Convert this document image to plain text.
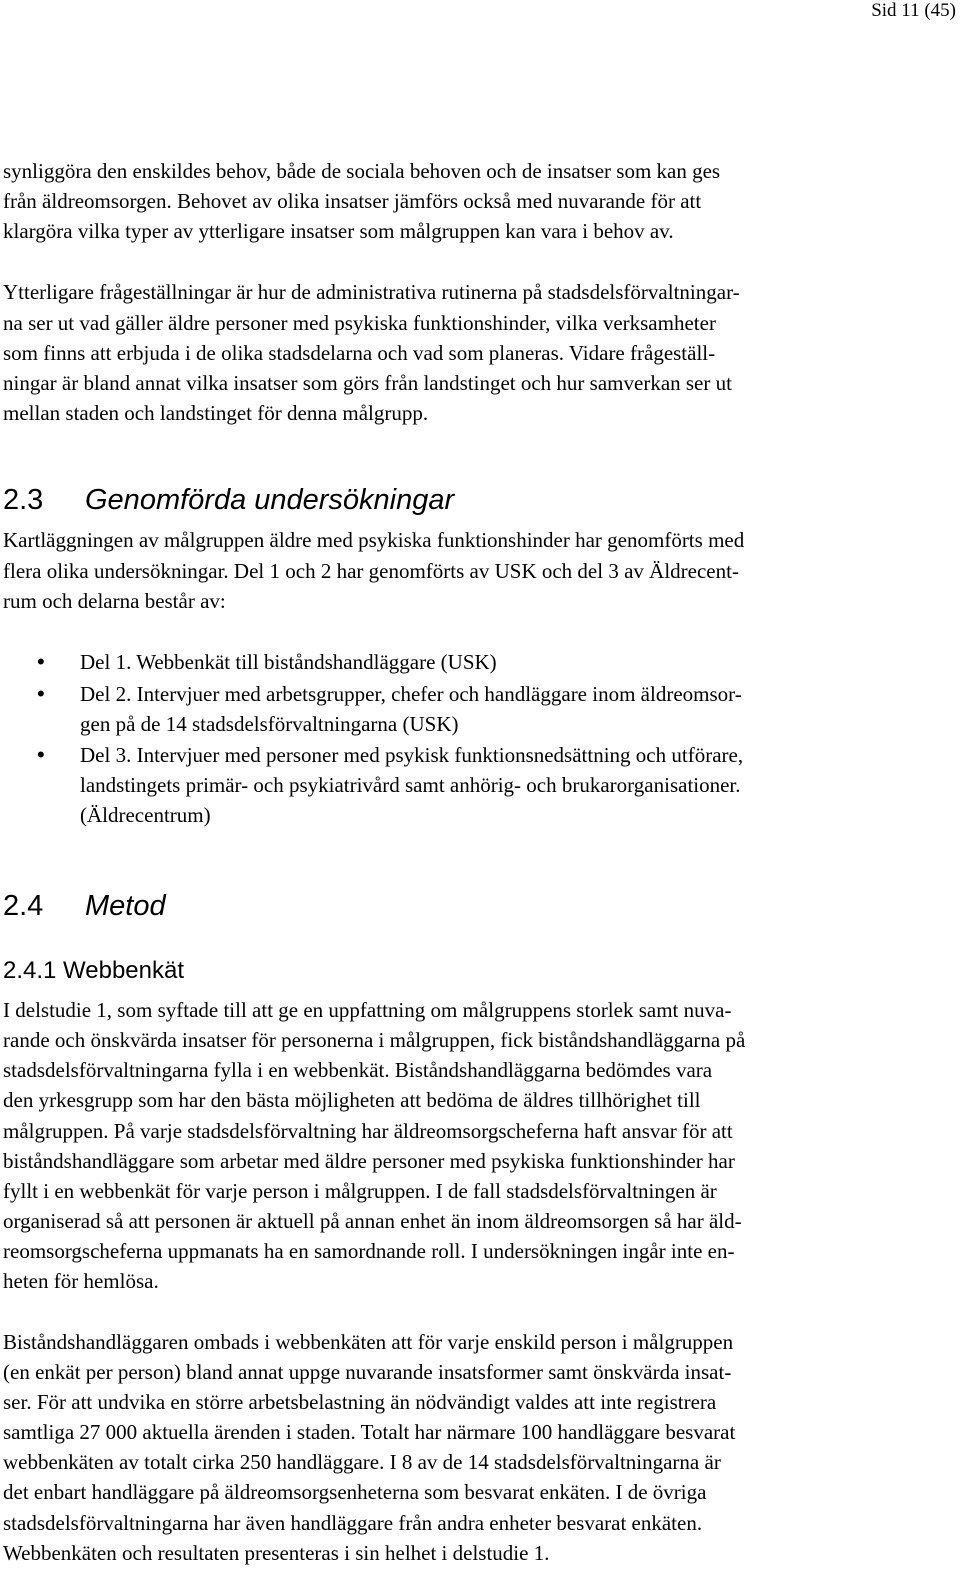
Sid 11 (45)
synliggöra den enskildes behov, både de sociala behoven och de insatser som kan ges
från äldreomsorgen. Behovet av olika insatser jämförs också med nuvarande för att
klargöra vilka typer av ytterligare insatser som målgruppen kan vara i behov av.
Ytterligare frågeställningar är hur de administrativa rutinerna på stadsdelsförvaltningar-
na ser ut vad gäller äldre personer med psykiska funktionshinder, vilka verksamheter
som finns att erbjuda i de olika stadsdelarna och vad som planeras. Vidare frågeställ-
ningar är bland annat vilka insatser som görs från landstinget och hur samverkan ser ut
mellan staden och landstinget för denna målgrupp.
2.3 Genomförda undersökningar
Kartläggningen av målgruppen äldre med psykiska funktionshinder har genomförts med
flera olika undersökningar. Del 1 och 2 har genomförts av USK och del 3 av Äldrecent-
rum och delarna består av:
• Del 1. Webbenkät till biståndshandläggare (USK)
• Del 2. Intervjuer med arbetsgrupper, chefer och handläggare inom äldreomsor-
gen på de 14 stadsdelsförvaltningarna (USK)
• Del 3. Intervjuer med personer med psykisk funktionsnedsättning och utförare,
landstingets primär- och psykiatrivård samt anhörig- och brukarorganisationer.
(Äldrecentrum)
2.4 Metod
2.4.1 Webbenkät
I delstudie 1, som syftade till att ge en uppfattning om målgruppens storlek samt nuva-
rande och önskvärda insatser för personerna i målgruppen, fick biståndshandläggarna på
stadsdelsförvaltningarna fylla i en webbenkät. Biståndshandläggarna bedömdes vara
den yrkesgrupp som har den bästa möjligheten att bedöma de äldres tillhörighet till
målgruppen. På varje stadsdelsförvaltning har äldreomsorgscheferna haft ansvar för att
biståndshandläggare som arbetar med äldre personer med psykiska funktionshinder har
fyllt i en webbenkät för varje person i målgruppen. I de fall stadsdelsförvaltningen är
organiserad så att personen är aktuell på annan enhet än inom äldreomsorgen så har äld-
reomsorgscheferna uppmanats ha en samordnande roll. I undersökningen ingår inte en-
heten för hemlösa.
Biståndshandläggaren ombads i webbenkäten att för varje enskild person i målgruppen
(en enkät per person) bland annat uppge nuvarande insatsformer samt önskvärda insat-
ser. För att undvika en större arbetsbelastning än nödvändigt valdes att inte registrera
samtliga 27 000 aktuella ärenden i staden. Totalt har närmare 100 handläggare besvarat
webbenkäten av totalt cirka 250 handläggare. I 8 av de 14 stadsdelsförvaltningarna är
det enbart handläggare på äldreomsorgsenheterna som besvarat enkäten. I de övriga
stadsdelsförvaltningarna har även handläggare från andra enheter besvarat enkäten.
Webbenkäten och resultaten presenteras i sin helhet i delstudie 1.
